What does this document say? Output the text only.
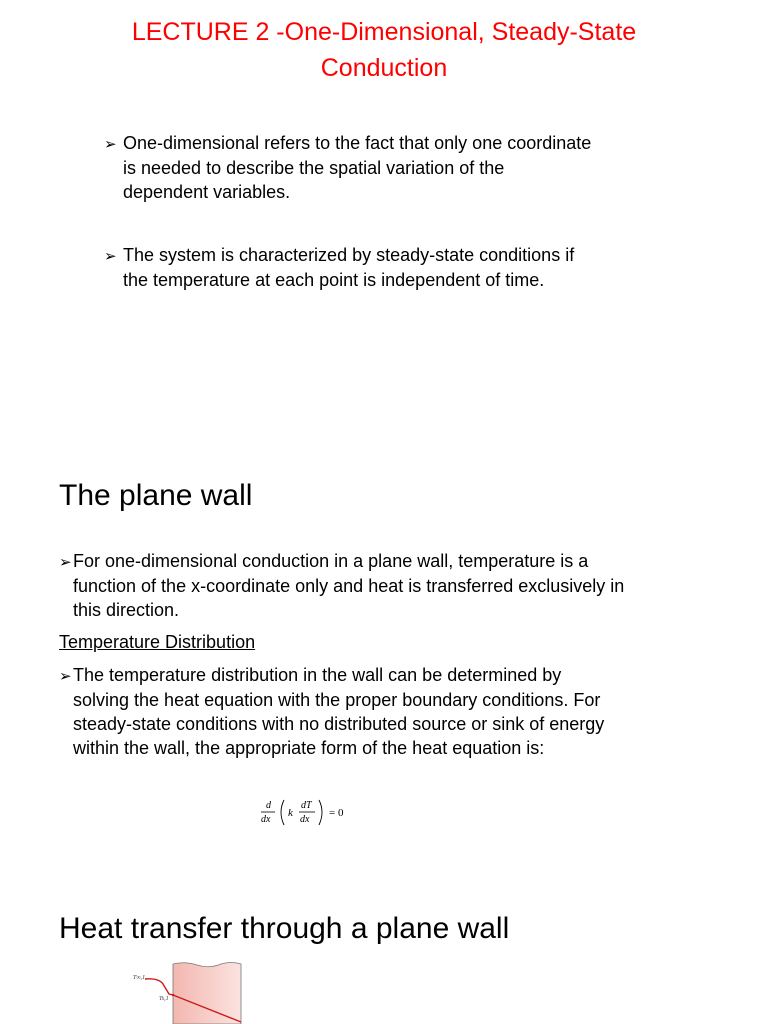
LECTURE 2 -One-Dimensional, Steady-State
Conduction
➢ One-dimensional refers to the fact that only one coordinate
is needed to describe the spatial variation of the
dependent variables.
➢ The system is characterized by steady-state conditions if
the temperature at each point is independent of time.
The plane wall
➢For one-dimensional conduction in a plane wall, temperature is a
function of the x-coordinate only and heat is transferred exclusively in
this direction.
Temperature Distribution
➢The temperature distribution in the wall can be determined by
solving the heat equation with the proper boundary conditions. For
steady-state conditions with no distributed source or sink of energy
within the wall, the appropriate form of the heat equation is:
d
dx
k
dT
dx
= 0
Heat transfer through a plane wall
T∞,1
Ts,1
